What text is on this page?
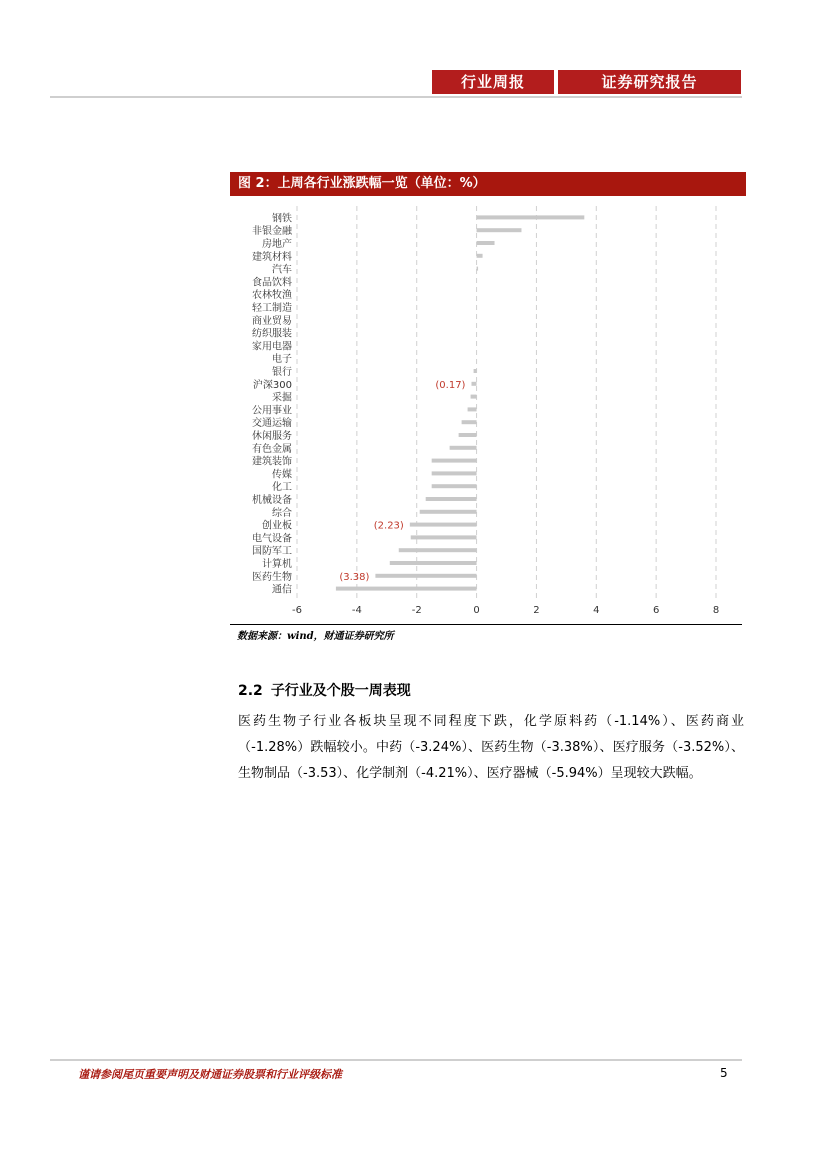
行业周报	证券研究报告
图 2：上周各行业涨跌幅一览（单位：%）
-6	-4	-2	0	2	4	6	8
钢铁
非银金融
房地产
建筑材料
汽车
食品饮料
农林牧渔
轻工制造
商业贸易
纺织服装
家用电器
电子
银行
沪深300
采掘
公用事业
交通运输
休闲服务
有色金属
建筑装饰
传媒
化工
机械设备
综合
创业板
电气设备
国防军工
计算机
医药生物
通信
(0.17)
(2.23)
(3.38)
数据来源：wind，财通证券研究所
2.2 子行业及个股一周表现
医药生物子行业各板块呈现不同程度下跌，化学原料药（-1.14%）、医药商业（-1.28%）跌幅较小。中药（-3.24%）、医药生物（-3.38%）、医疗服务（-3.52%）、生物制品（-3.53）、化学制剂（-4.21%）、医疗器械（-5.94%）呈现较大跌幅。
谨请参阅尾页重要声明及财通证券股票和行业评级标准	5
